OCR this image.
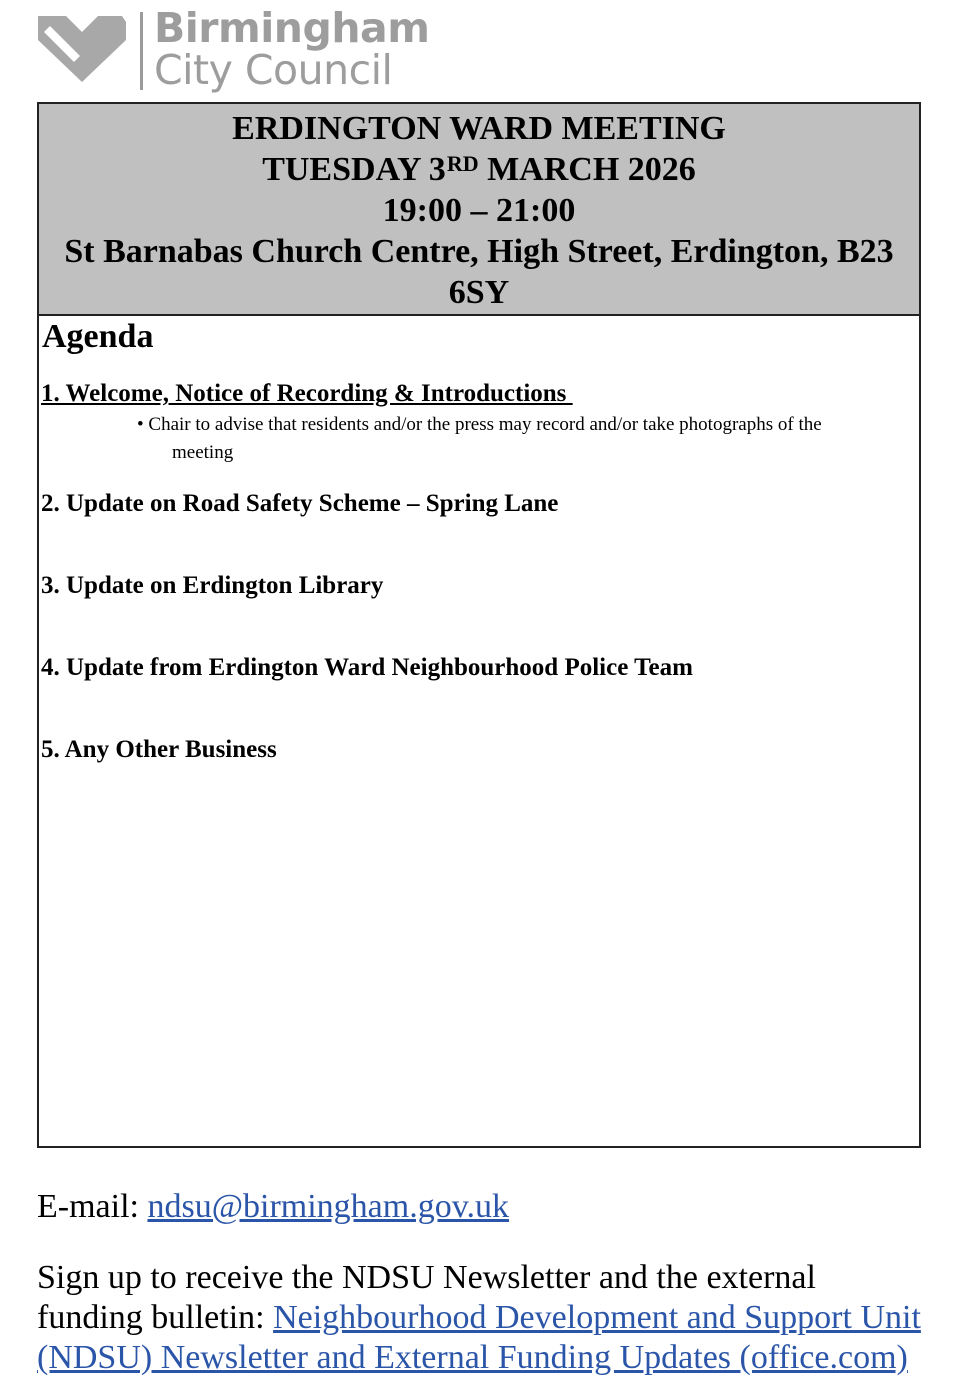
Birmingham
City Council
ERDINGTON WARD MEETING
TUESDAY 3RD MARCH 2026
19:00 – 21:00
St Barnabas Church Centre, High Street, Erdington, B23
6SY
Agenda
1. Welcome, Notice of Recording & Introductions
• Chair to advise that residents and/or the press may record and/or take photographs of the
meeting
2. Update on Road Safety Scheme – Spring Lane
3. Update on Erdington Library
4. Update from Erdington Ward Neighbourhood Police Team
5. Any Other Business
E-mail: ndsu@birmingham.gov.uk
Sign up to receive the NDSU Newsletter and the external
funding bulletin: Neighbourhood Development and Support Unit (NDSU) Newsletter and External Funding Updates (office.com)
